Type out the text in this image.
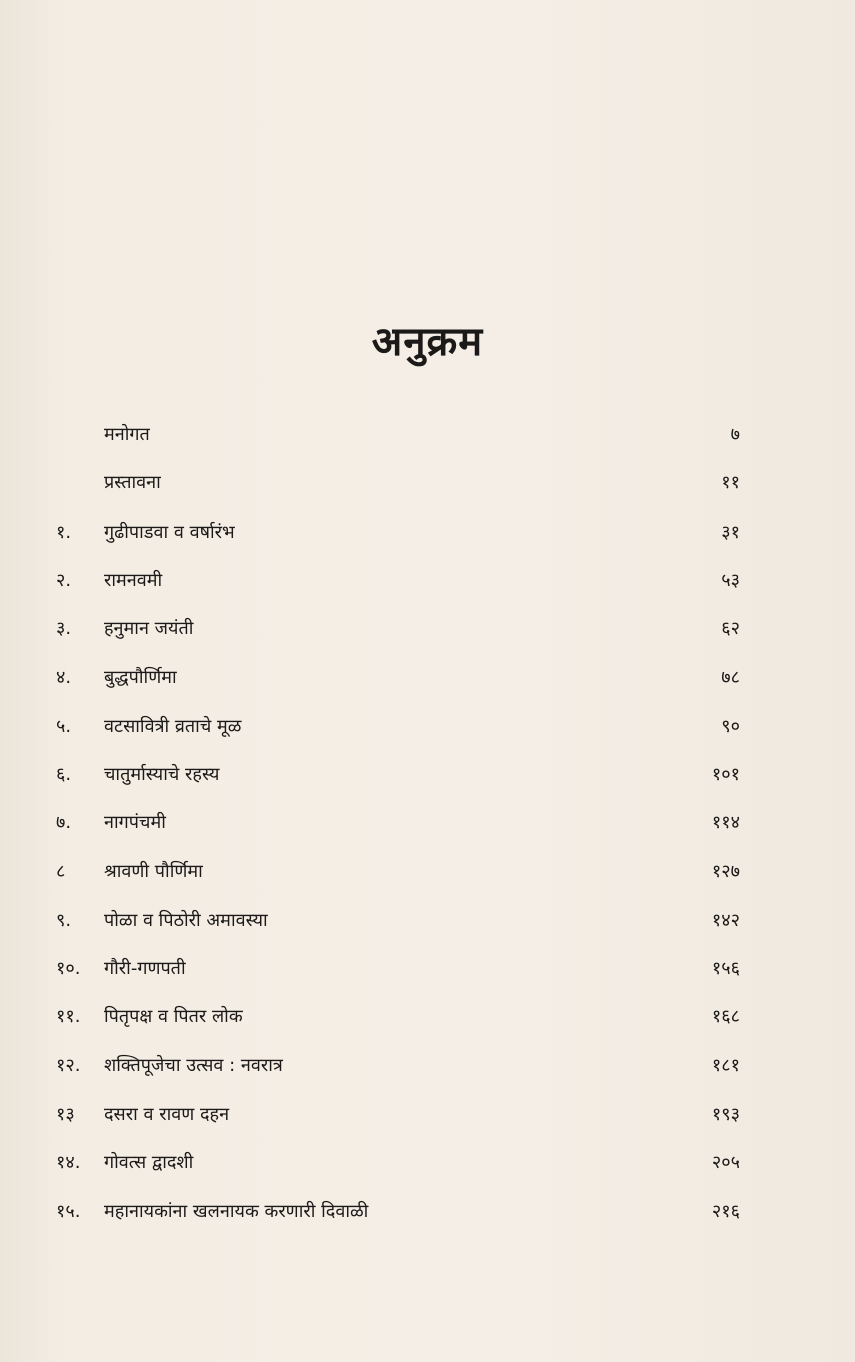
अनुक्रम
मनोगत	७
प्रस्तावना	११
१.	गुढीपाडवा व वर्षारंभ	३१
२.	रामनवमी	५३
३.	हनुमान जयंती	६२
४.	बुद्धपौर्णिमा	७८
५.	वटसावित्री व्रताचे मूळ	९०
६.	चातुर्मास्याचे रहस्य	१०१
७.	नागपंचमी	११४
८	श्रावणी पौर्णिमा	१२७
९.	पोळा व पिठोरी अमावस्या	१४२
१०.	गौरी-गणपती	१५६
११.	पितृपक्ष व पितर लोक	१६८
१२.	शक्तिपूजेचा उत्सव : नवरात्र	१८१
१३	दसरा व रावण दहन	१९३
१४.	गोवत्स द्वादशी	२०५
१५.	महानायकांना खलनायक करणारी दिवाळी	२१६
